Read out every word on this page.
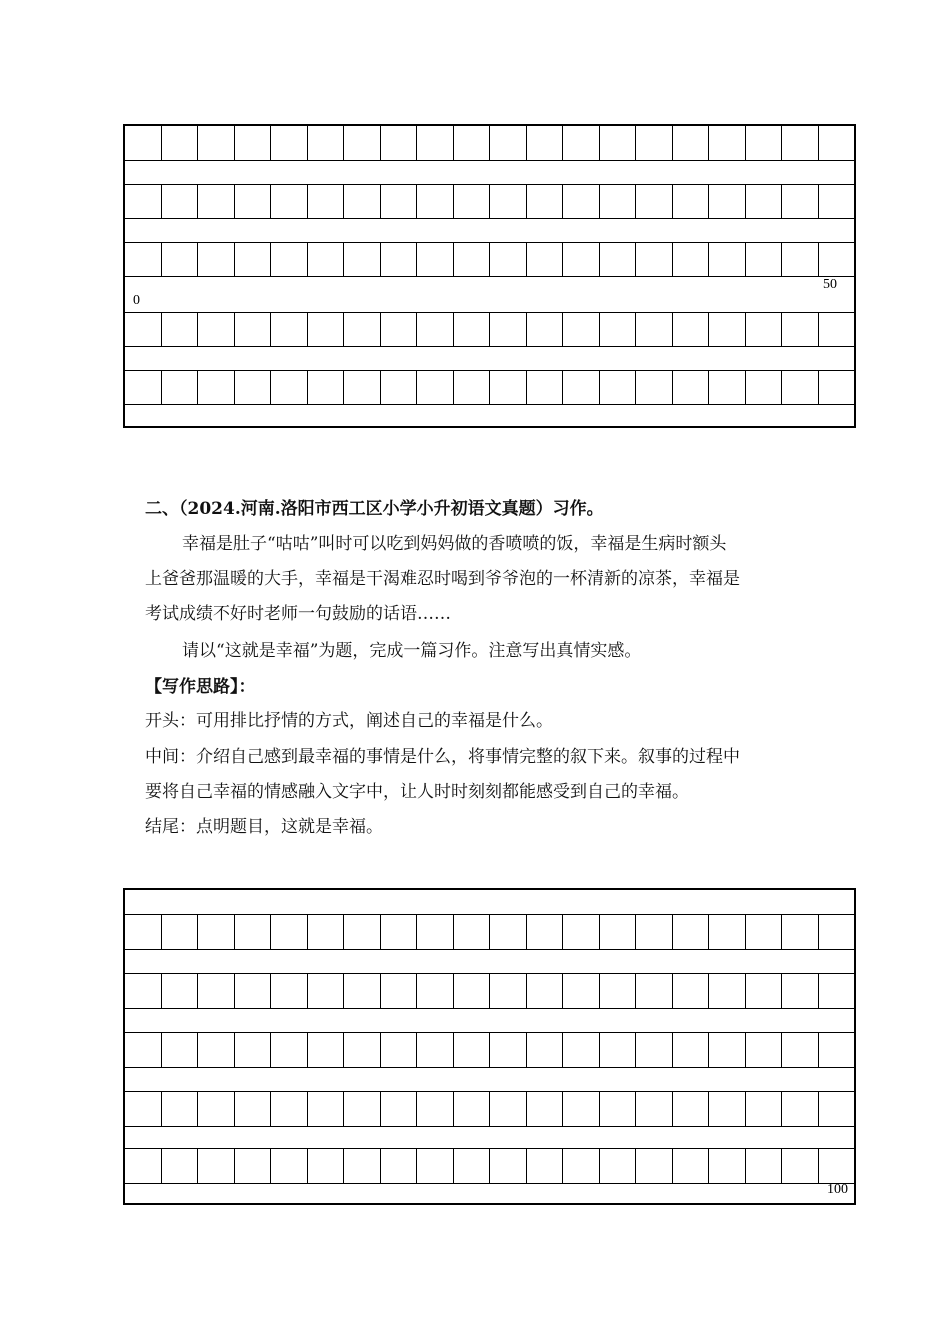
50
0
二、（2024.河南.洛阳市西工区小学小升初语文真题）习作。
幸福是肚子“咕咕”叫时可以吃到妈妈做的香喷喷的饭，幸福是生病时额头
上爸爸那温暖的大手，幸福是干渴难忍时喝到爷爷泡的一杯清新的凉茶，幸福是
考试成绩不好时老师一句鼓励的话语……
请以“这就是幸福”为题，完成一篇习作。注意写出真情实感。
【写作思路】：
开头：可用排比抒情的方式，阐述自己的幸福是什么。
中间：介绍自己感到最幸福的事情是什么，将事情完整的叙下来。叙事的过程中
要将自己幸福的情感融入文字中，让人时时刻刻都能感受到自己的幸福。
结尾：点明题目，这就是幸福。
100
